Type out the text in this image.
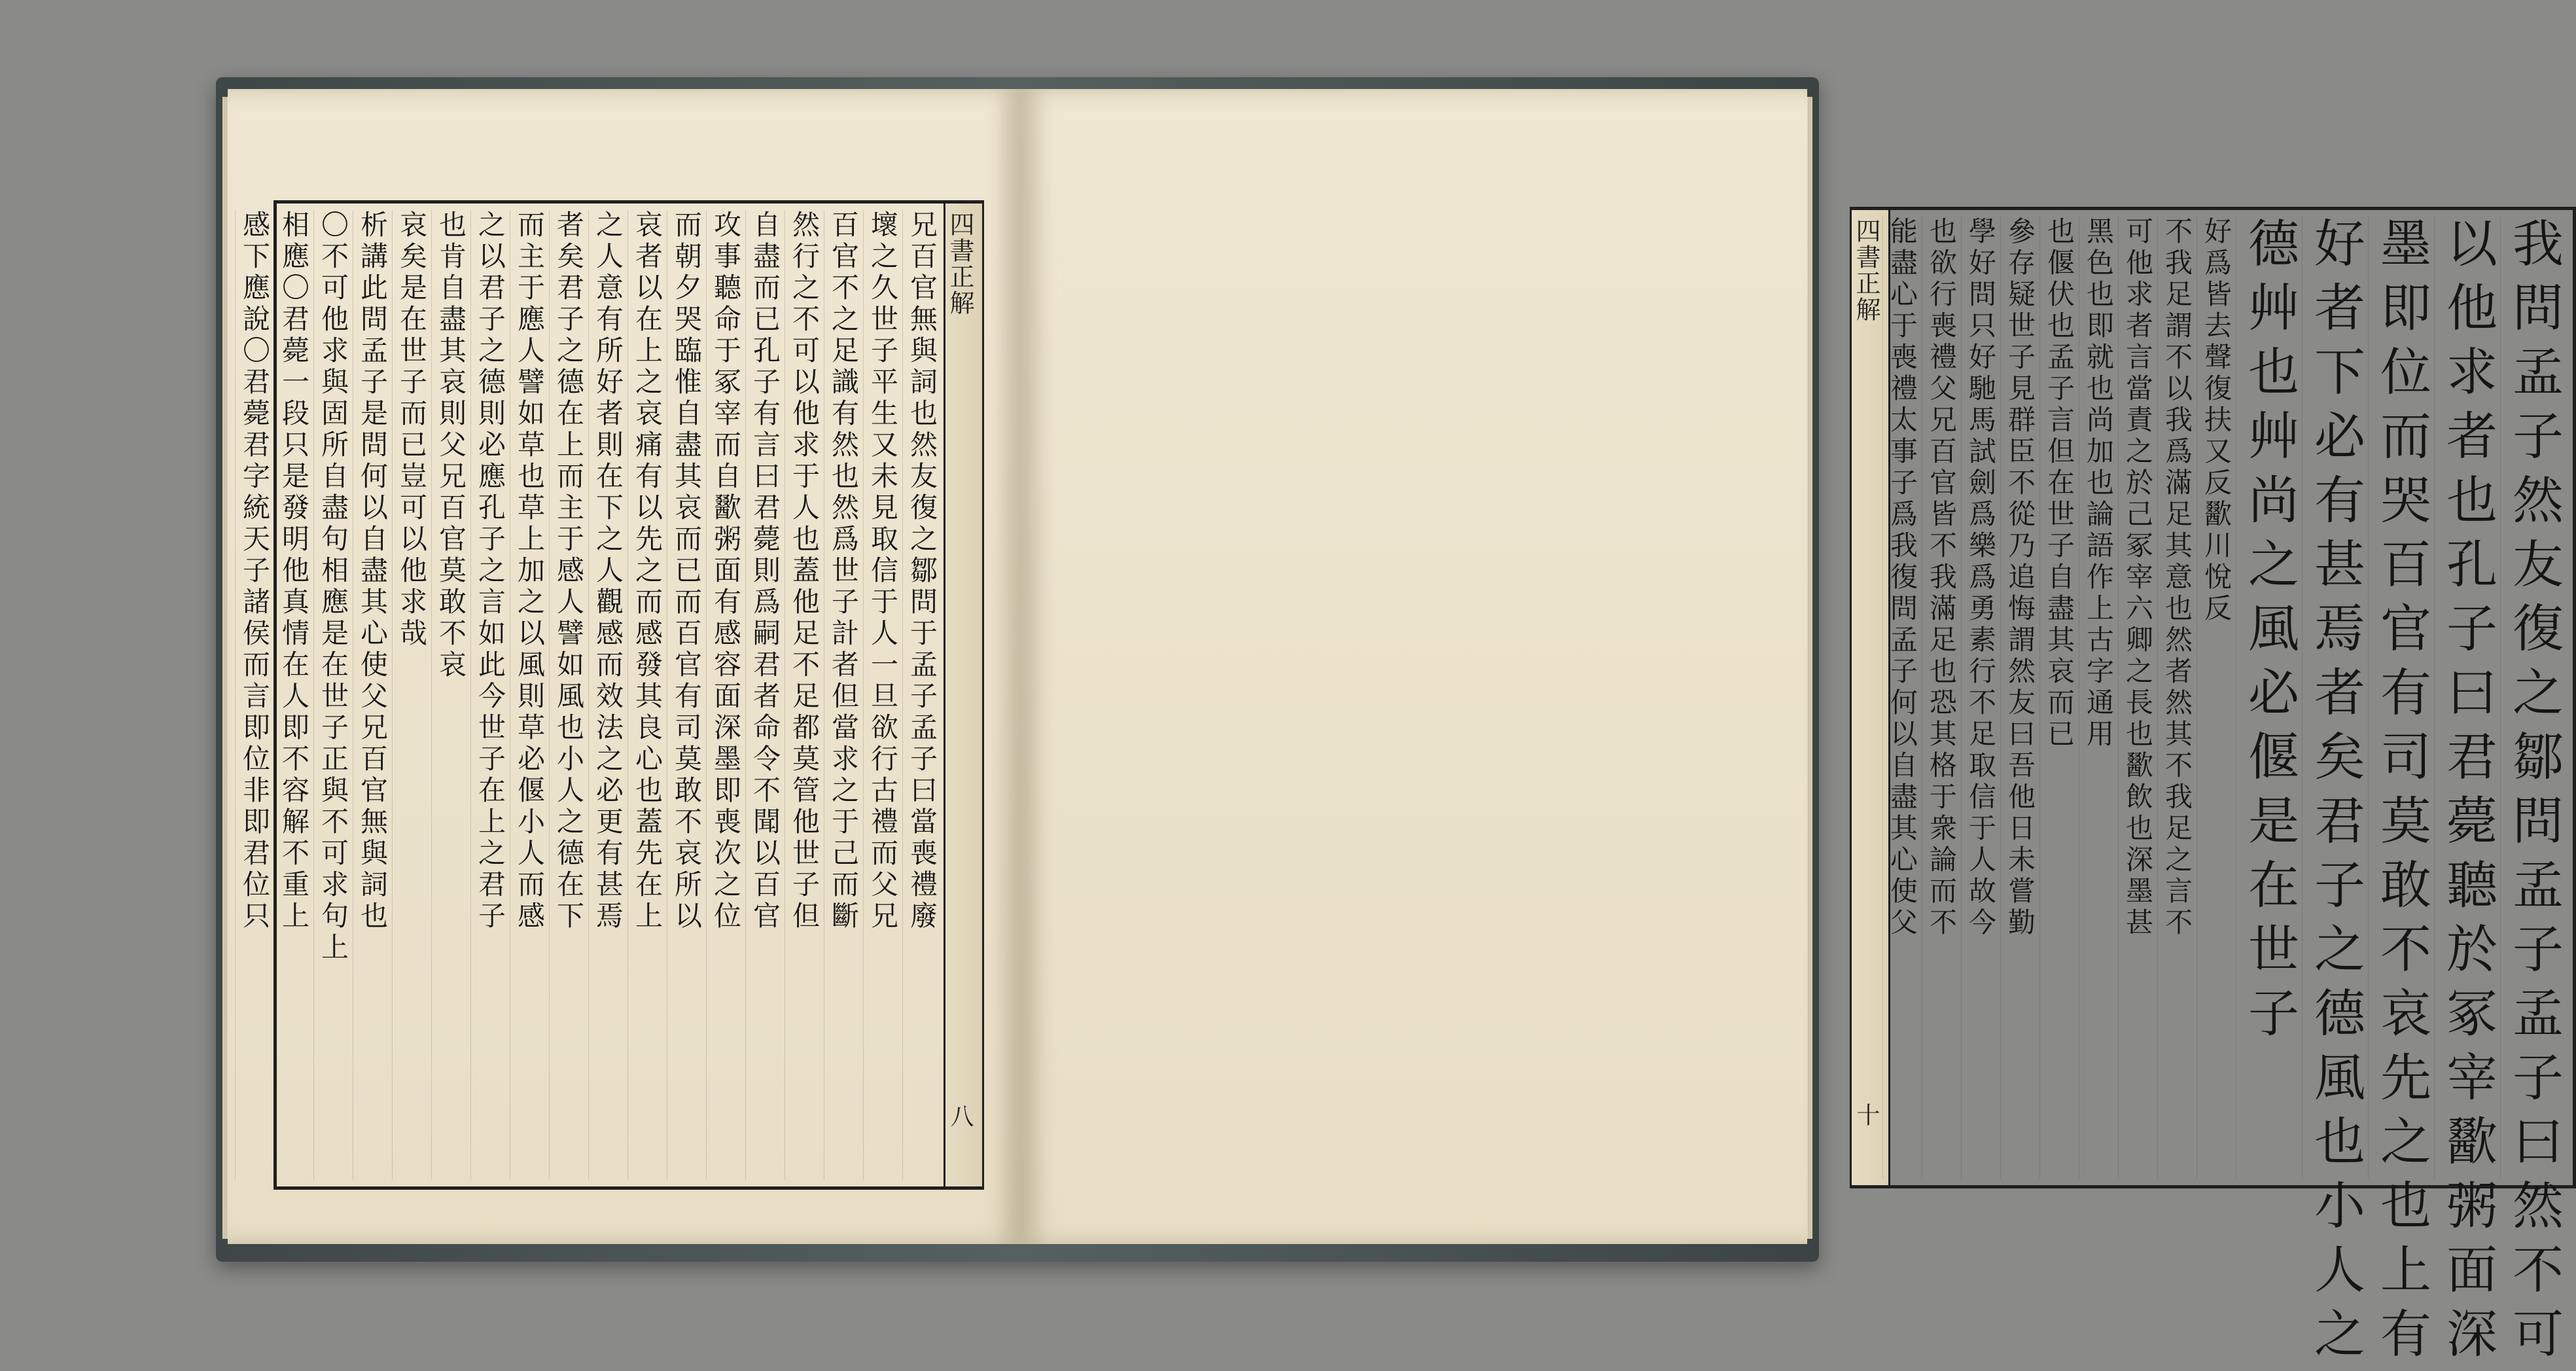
四書正解
八
兄百官無與詞也然友復之鄒問于孟子孟子曰當喪禮廢
壞之久世子平生又未見取信于人一旦欲行古禮而父兄
百官不之足識有然也然爲世子計者但當求之于己而斷
然行之不可以他求于人也蓋他足不足都莫管他世子但
自盡而已孔子有言曰君薨則爲嗣君者命令不聞以百官
攻事聽命于冢宰而自歠粥面有感容面深墨即喪次之位
而朝夕哭臨惟自盡其哀而已而百官有司莫敢不哀所以
哀者以在上之哀痛有以先之而感發其良心也蓋先在上
之人意有所好者則在下之人觀感而效法之必更有甚焉
者矣君子之德在上而主于感人譬如風也小人之德在下
而主于應人譬如草也草上加之以風則草必偃小人而感
之以君子之德則必應孔子之言如此今世子在上之君子
也肯自盡其哀則父兄百官莫敢不哀
哀矣是在世子而已豈可以他求哉
析講此問孟子是問何以自盡其心使父兄百官無與詞也
〇不可他求與固所自盡句相應是在世子正與不可求句上
相應〇君薨一段只是發明他真情在人即不容解不重上
感下應說〇君薨君字統天子諸侯而言即位非即君位只	四書正解
十	我問孟子然友復之鄒問孟子孟子曰然不可
以他求者也孔子曰君薨聽於冢宰歠粥面深
墨即位而哭百官有司莫敢不哀先之也上有
好者下必有甚焉者矣君子之德風也小人之
德艸也艸尚之風必偃是在世子
好爲皆去聲復扶又反歠川悅反
不我足謂不以我爲滿足其意也然者然其不我足之言不
可他求者言當責之於己冢宰六卿之長也歠飲也深墨甚
黑色也即就也尚加也論語作上古字通用
也偃伏也孟子言但在世子自盡其哀而已
參存疑世子見群臣不從乃追悔謂然友曰吾他日未嘗勤
學好問只好馳馬試劍爲樂爲勇素行不足取信于人故今
也欲行喪禮父兄百官皆不我滿足也恐其格于衆論而不
能盡心于喪禮太事子爲我復問孟子何以自盡其心使父
